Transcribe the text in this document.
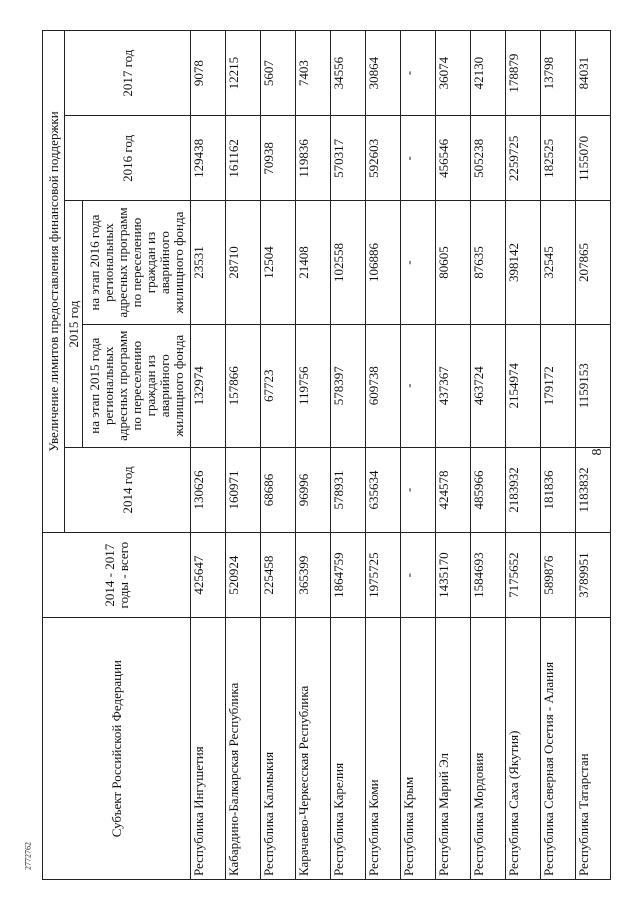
8
2772762
Субъект Российской Федерации	2014 - 2017 годы - всего	Увеличение лимитов предоставления финансовой поддержки				
		2014 год	2015 год		2016 год	2017 год
			на этап 2015 года региональных адресных программ по переселению граждан из аварийного жилищного фонда	на этап 2016 года региональных адресных программ по переселению граждан из аварийного жилищного фонда		
Республика Ингушетия	425647	130626	132974	23531	129438	9078
Кабардино-Балкарская Республика	520924	160971	157866	28710	161162	12215
Республика Калмыкия	225458	68686	67723	12504	70938	5607
Карачаево-Черкесская Республика	365399	96996	119756	21408	119836	7403
Республика Карелия	1864759	578931	578397	102558	570317	34556
Республика Коми	1975725	635634	609738	106886	592603	30864
Республика Крым	-	-	-	-	-	-
Республика Марий Эл	1435170	424578	437367	80605	456546	36074
Республика Мордовия	1584693	485966	463724	87635	505238	42130
Республика Саха (Якутия)	7175652	2183932	2154974	398142	2259725	178879
Республика Северная Осетия - Алания	589876	181836	179172	32545	182525	13798
Республика Татарстан	3789951	1183832	1159153	207865	1155070	84031
